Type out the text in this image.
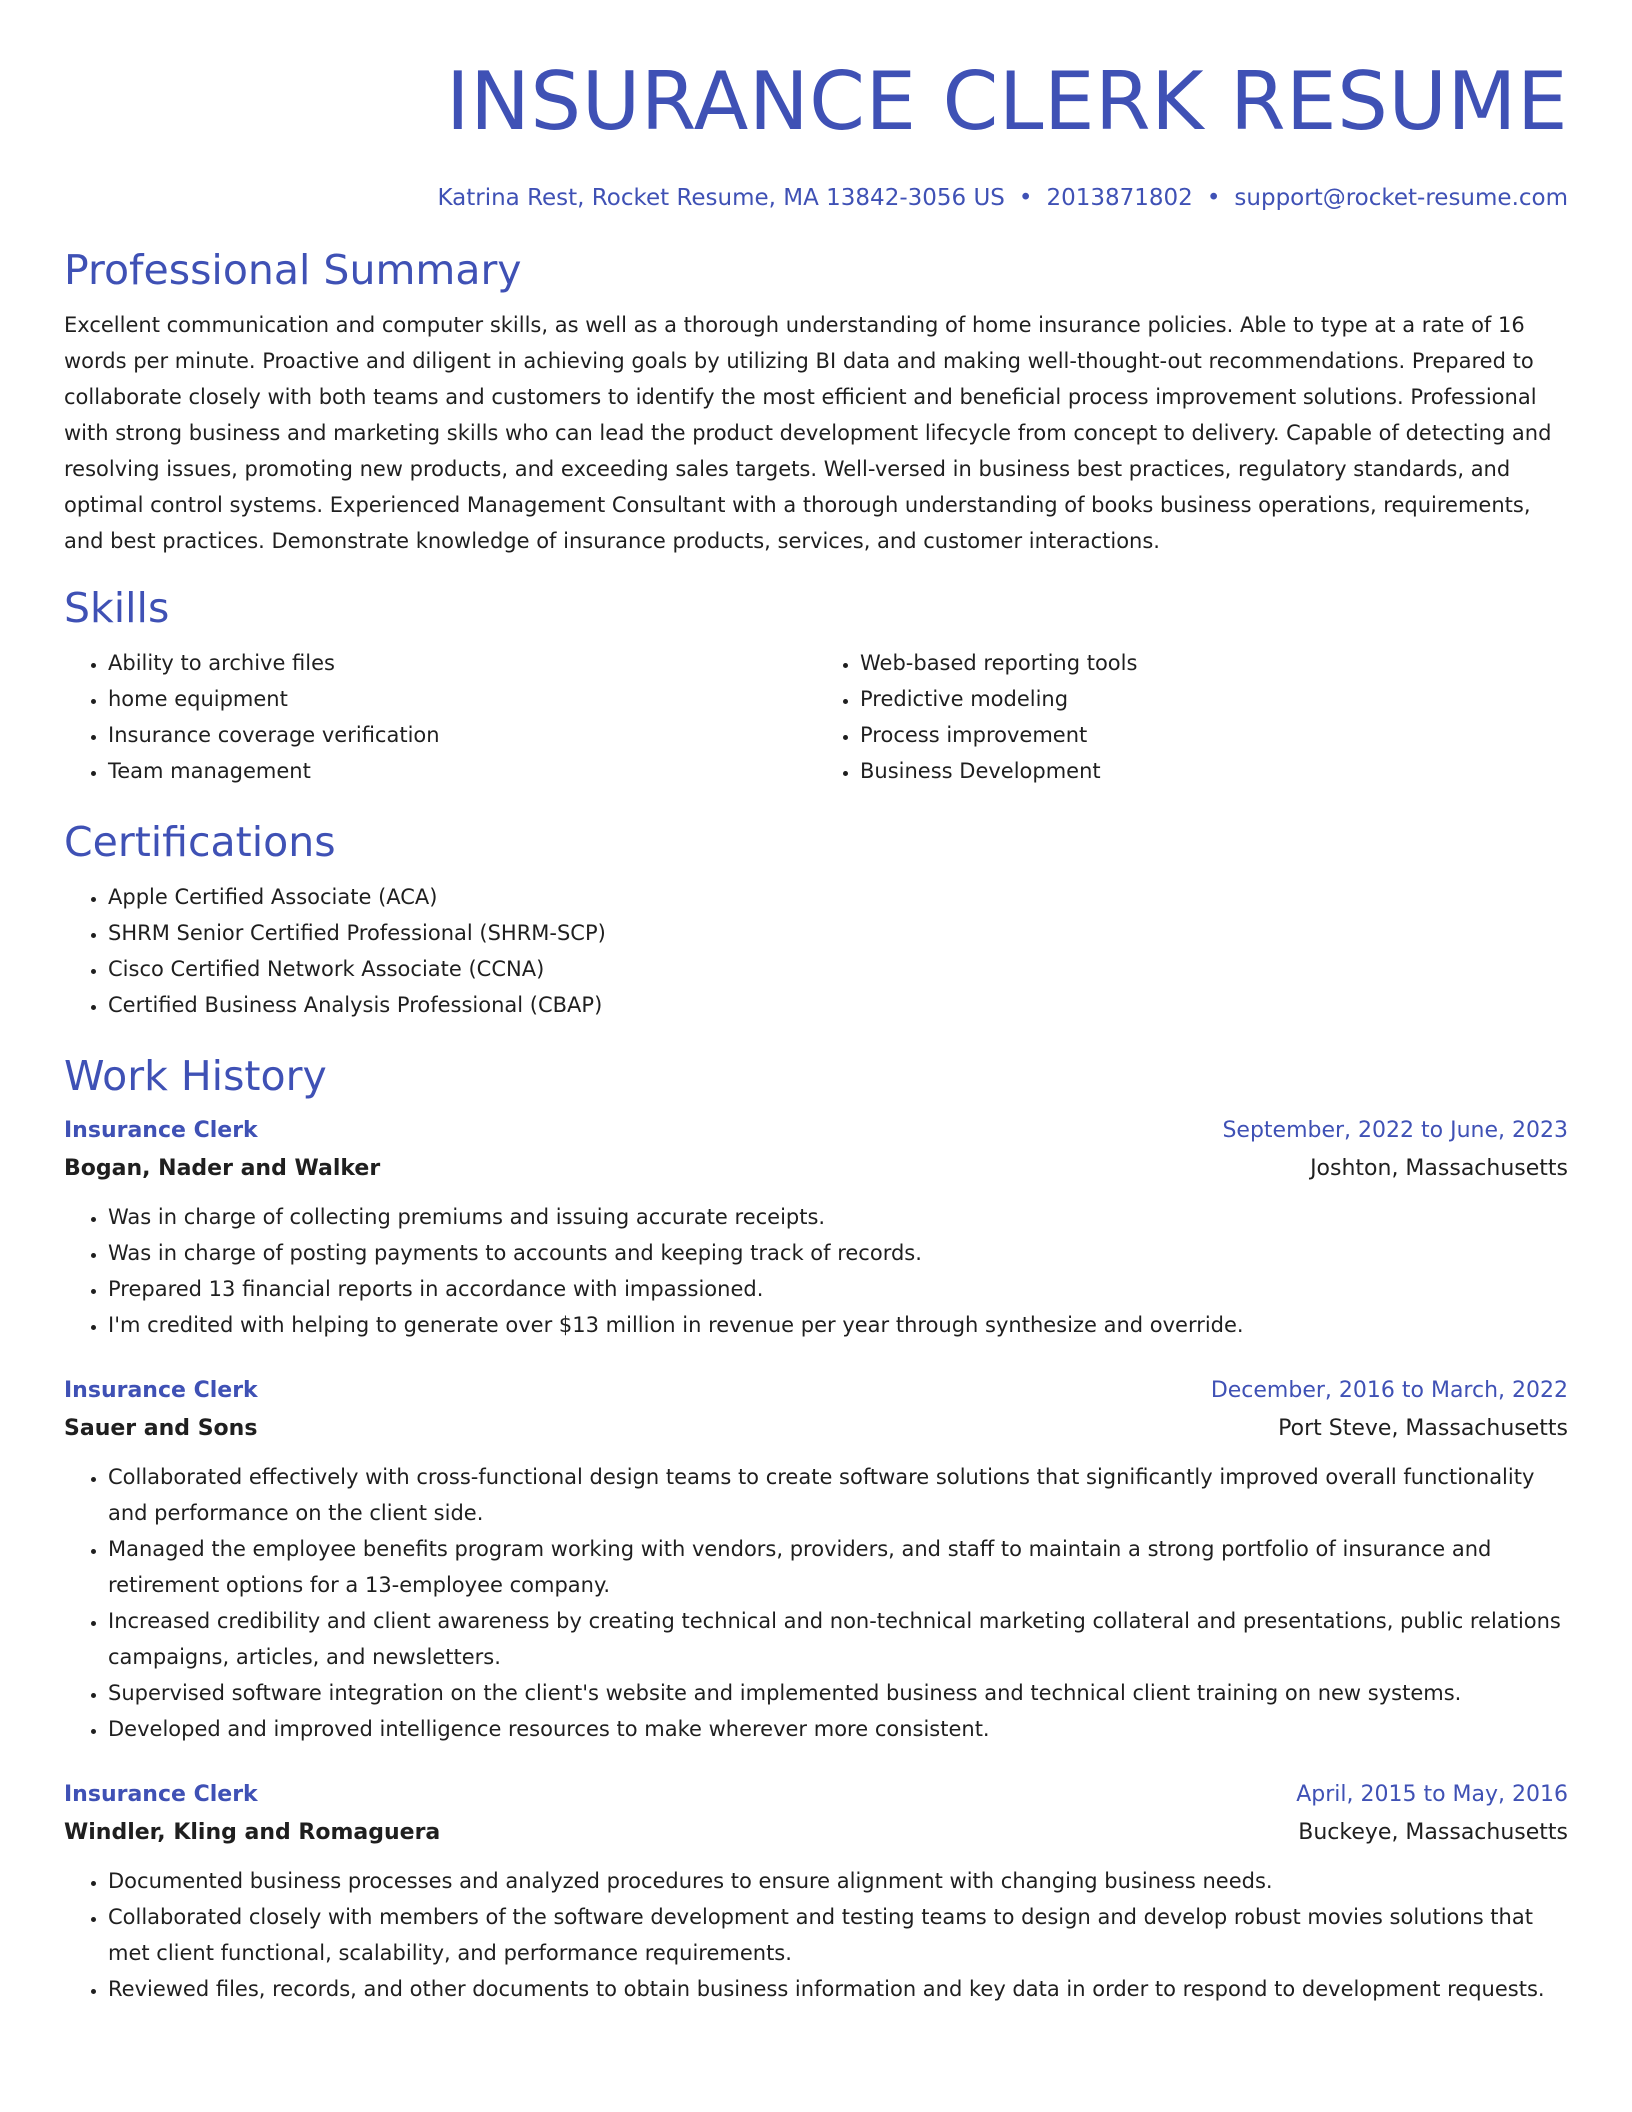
INSURANCE CLERK RESUME
Katrina Rest, Rocket Resume, MA 13842-3056 US • 2013871802 • support@rocket-resume.com
Professional Summary

Excellent communication and computer skills, as well as a thorough understanding of home insurance policies. Able to type at a rate of 16 words per minute. Proactive and diligent in achieving goals by utilizing BI data and making well-thought-out recommendations. Prepared to collaborate closely with both teams and customers to identify the most efficient and beneficial process improvement solutions. Professional with strong business and marketing skills who can lead the product development lifecycle from concept to delivery. Capable of detecting and resolving issues, promoting new products, and exceeding sales targets. Well-versed in business best practices, regulatory standards, and optimal control systems. Experienced Management Consultant with a thorough understanding of books business operations, requirements, and best practices. Demonstrate knowledge of insurance products, services, and customer interactions.

Skills
• Ability to archive files
• home equipment
• Insurance coverage verification
• Team management
• Web-based reporting tools
• Predictive modeling
• Process improvement
• Business Development
Certifications
• Apple Certified Associate (ACA)
• SHRM Senior Certified Professional (SHRM-SCP)
• Cisco Certified Network Associate (CCNA)
• Certified Business Analysis Professional (CBAP)
Work History
Insurance Clerk	September, 2022 to June, 2023
Bogan, Nader and Walker	Joshton, Massachusetts
• Was in charge of collecting premiums and issuing accurate receipts.
• Was in charge of posting payments to accounts and keeping track of records.
• Prepared 13 financial reports in accordance with impassioned.
• I'm credited with helping to generate over $13 million in revenue per year through synthesize and override.
Insurance Clerk	December, 2016 to March, 2022
Sauer and Sons	Port Steve, Massachusetts
• Collaborated effectively with cross-functional design teams to create software solutions that significantly improved overall functionality and performance on the client side.
• Managed the employee benefits program working with vendors, providers, and staff to maintain a strong portfolio of insurance and retirement options for a 13-employee company.
• Increased credibility and client awareness by creating technical and non-technical marketing collateral and presentations, public relations campaigns, articles, and newsletters.
• Supervised software integration on the client's website and implemented business and technical client training on new systems.
• Developed and improved intelligence resources to make wherever more consistent.
Insurance Clerk	April, 2015 to May, 2016
Windler, Kling and Romaguera	Buckeye, Massachusetts
• Documented business processes and analyzed procedures to ensure alignment with changing business needs.
• Collaborated closely with members of the software development and testing teams to design and develop robust movies solutions that met client functional, scalability, and performance requirements.
• Reviewed files, records, and other documents to obtain business information and key data in order to respond to development requests.
